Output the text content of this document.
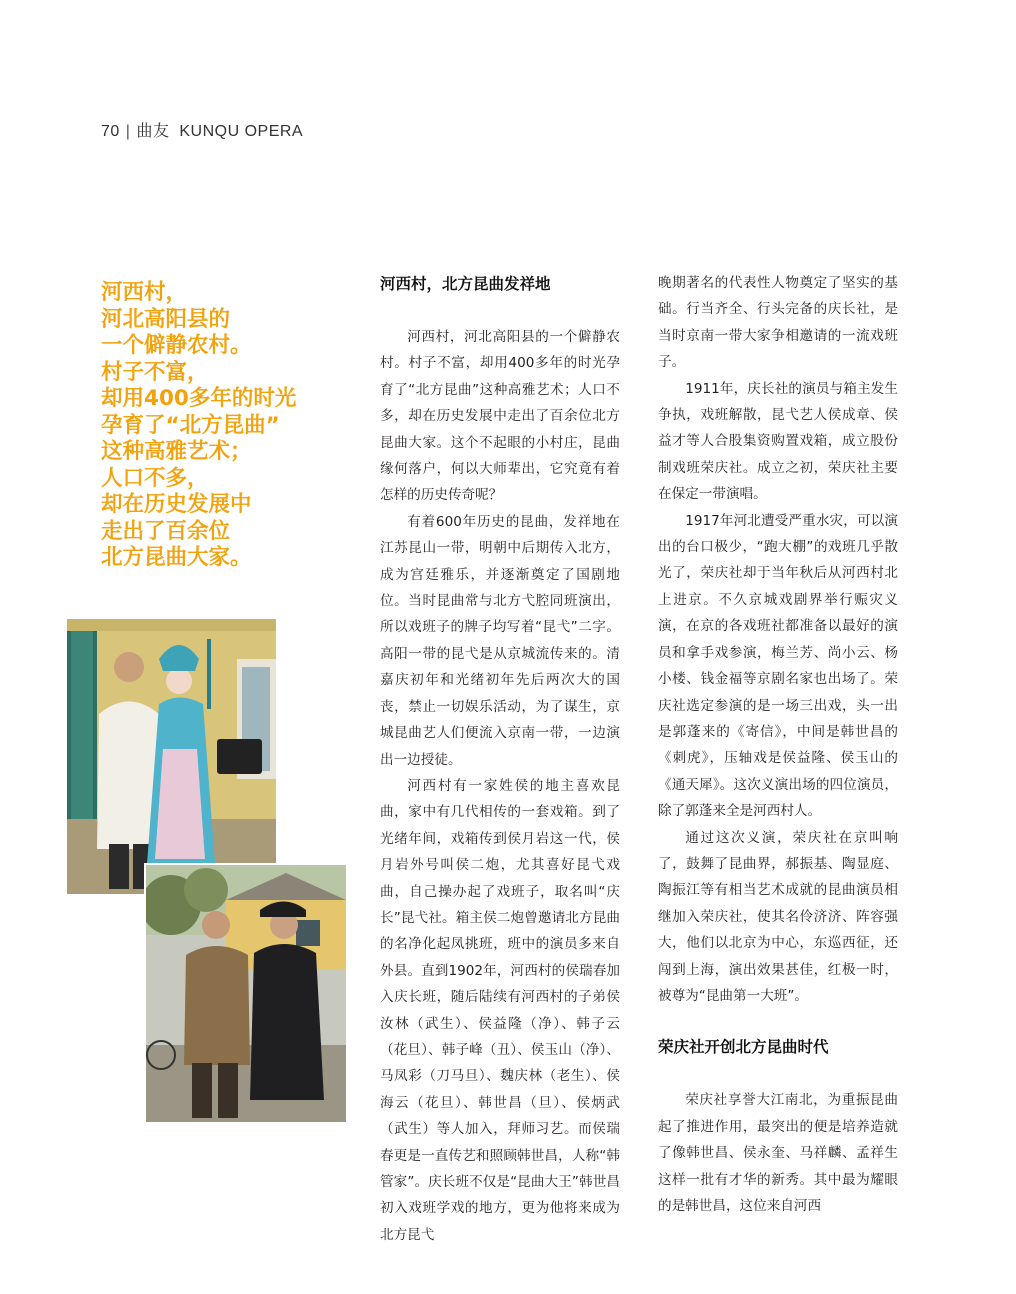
70 | 曲友 KUNQU OPERA
河西村，
河北高阳县的
一个僻静农村。
村子不富，
却用400多年的时光
孕育了“北方昆曲”
这种高雅艺术；
人口不多，
却在历史发展中
走出了百余位
北方昆曲大家。
河西村，北方昆曲发祥地

河西村，河北高阳县的一个僻静农村。村子不富，却用400多年的时光孕育了“北方昆曲”这种高雅艺术；人口不多，却在历史发展中走出了百余位北方昆曲大家。这个不起眼的小村庄，昆曲缘何落户，何以大师辈出，它究竟有着怎样的历史传奇呢？

有着600年历史的昆曲，发祥地在江苏昆山一带，明朝中后期传入北方，成为宫廷雅乐，并逐渐奠定了国剧地位。当时昆曲常与北方弋腔同班演出，所以戏班子的牌子均写着“昆弋”二字。高阳一带的昆弋是从京城流传来的。清嘉庆初年和光绪初年先后两次大的国丧，禁止一切娱乐活动，为了谋生，京城昆曲艺人们便流入京南一带，一边演出一边授徒。

河西村有一家姓侯的地主喜欢昆曲，家中有几代相传的一套戏箱。到了光绪年间，戏箱传到侯月岩这一代，侯月岩外号叫侯二炮，尤其喜好昆弋戏曲，自己操办起了戏班子，取名叫“庆长”昆弋社。箱主侯二炮曾邀请北方昆曲的名净化起凤挑班，班中的演员多来自外县。直到1902年，河西村的侯瑞春加入庆长班，随后陆续有河西村的子弟侯汝林（武生）、侯益隆（净）、韩子云（花旦）、韩子峰（丑）、侯玉山（净）、马凤彩（刀马旦）、魏庆林（老生）、侯海云（花旦）、韩世昌（旦）、侯炳武（武生）等人加入，拜师习艺。而侯瑞春更是一直传艺和照顾韩世昌，人称“韩管家”。庆长班不仅是“昆曲大王”韩世昌初入戏班学戏的地方，更为他将来成为北方昆弋

晚期著名的代表性人物奠定了坚实的基础。行当齐全、行头完备的庆长社，是当时京南一带大家争相邀请的一流戏班子。

1911年，庆长社的演员与箱主发生争执，戏班解散，昆弋艺人侯成章、侯益才等人合股集资购置戏箱，成立股份制戏班荣庆社。成立之初，荣庆社主要在保定一带演唱。

1917年河北遭受严重水灾，可以演出的台口极少，“跑大棚”的戏班几乎散光了，荣庆社却于当年秋后从河西村北上进京。不久京城戏剧界举行赈灾义演，在京的各戏班社都准备以最好的演员和拿手戏参演，梅兰芳、尚小云、杨小楼、钱金福等京剧名家也出场了。荣庆社选定参演的是一场三出戏，头一出是郭蓬来的《寄信》，中间是韩世昌的《刺虎》，压轴戏是侯益隆、侯玉山的《通天犀》。这次义演出场的四位演员，除了郭蓬来全是河西村人。

通过这次义演，荣庆社在京叫响了，鼓舞了昆曲界，郝振基、陶显庭、陶振江等有相当艺术成就的昆曲演员相继加入荣庆社，使其名伶济济、阵容强大，他们以北京为中心，东巡西征，还闯到上海，演出效果甚佳，红极一时，被尊为“昆曲第一大班”。

荣庆社开创北方昆曲时代

荣庆社享誉大江南北，为重振昆曲起了推进作用，最突出的便是培养造就了像韩世昌、侯永奎、马祥麟、孟祥生这样一批有才华的新秀。其中最为耀眼的是韩世昌，这位来自河西
